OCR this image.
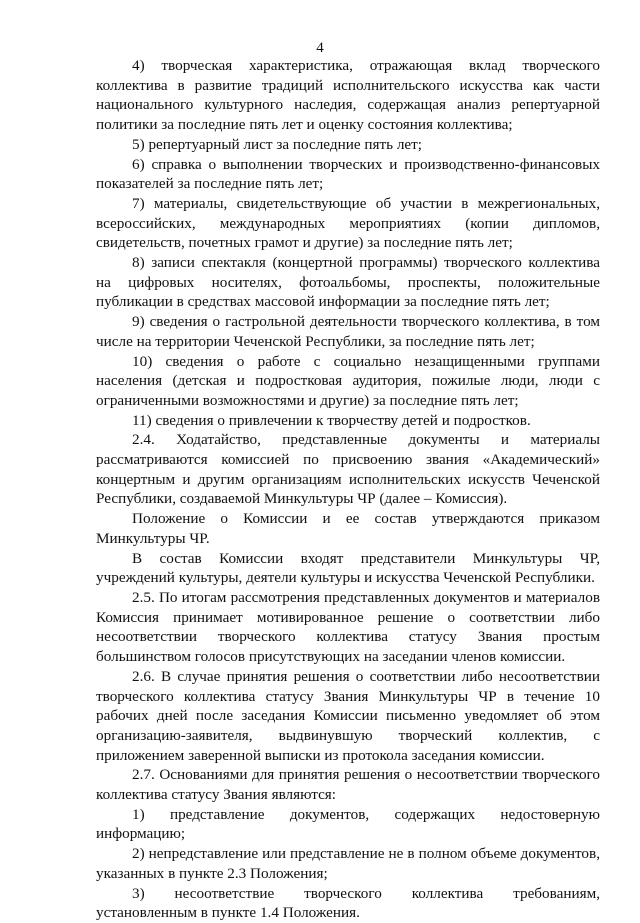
4

4) творческая характеристика, отражающая вклад творческого коллектива в развитие традиций исполнительского искусства как части национального культурного наследия, содержащая анализ репертуарной политики за последние пять лет и оценку состояния коллектива;

5) репертуарный лист за последние пять лет;

6) справка о выполнении творческих и производственно-финансовых показателей за последние пять лет;

7) материалы, свидетельствующие об участии в межрегиональных, всероссийских, международных мероприятиях (копии дипломов, свидетельств, почетных грамот и другие) за последние пять лет;

8) записи спектакля (концертной программы) творческого коллектива на цифровых носителях, фотоальбомы, проспекты, положительные публикации в средствах массовой информации за последние пять лет;

9) сведения о гастрольной деятельности творческого коллектива, в том числе на территории Чеченской Республики, за последние пять лет;

10) сведения о работе с социально незащищенными группами населения (детская и подростковая аудитория, пожилые люди, люди с ограниченными возможностями и другие) за последние пять лет;

11) сведения о привлечении к творчеству детей и подростков.

2.4. Ходатайство, представленные документы и материалы рассматриваются комиссией по присвоению звания «Академический» концертным и другим организациям исполнительских искусств Чеченской Республики, создаваемой Минкультуры ЧР (далее – Комиссия).

Положение о Комиссии и ее состав утверждаются приказом Минкультуры ЧР.

В состав Комиссии входят представители Минкультуры ЧР, учреждений культуры, деятели культуры и искусства Чеченской Республики.

2.5. По итогам рассмотрения представленных документов и материалов Комиссия принимает мотивированное решение о соответствии либо несоответствии творческого коллектива статусу Звания простым большинством голосов присутствующих на заседании членов комиссии.

2.6. В случае принятия решения о соответствии либо несоответствии творческого коллектива статусу Звания Минкультуры ЧР в течение 10 рабочих дней после заседания Комиссии письменно уведомляет об этом организацию-заявителя, выдвинувшую творческий коллектив, с приложением заверенной выписки из протокола заседания комиссии.

2.7. Основаниями для принятия решения о несоответствии творческого коллектива статусу Звания являются:

1) представление документов, содержащих недостоверную информацию;

2) непредставление или представление не в полном объеме документов, указанных в пункте 2.3 Положения;

3) несоответствие творческого коллектива требованиям, установленным в пункте 1.4 Положения.
